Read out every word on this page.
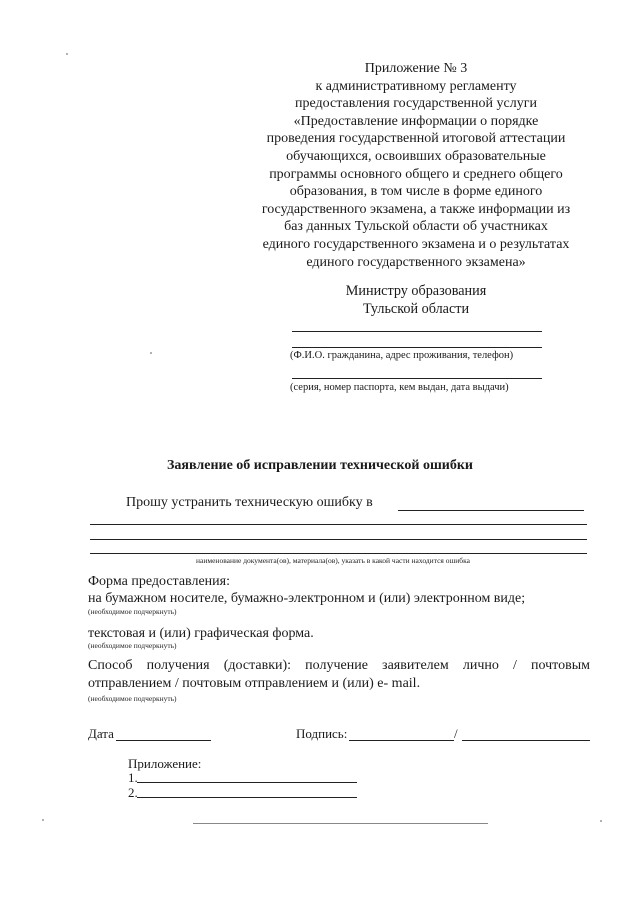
Приложение № 3
к административному регламенту
предоставления государственной услуги
«Предоставление информации о порядке
проведения государственной итоговой аттестации
обучающихся, освоивших образовательные
программы основного общего и среднего общего
образования, в том числе в форме единого
государственного экзамена, а также информации из
баз данных Тульской области об участниках
единого государственного экзамена и о результатах
единого государственного экзамена»
Министру образования
Тульской области
(Ф.И.О. гражданина, адрес проживания, телефон)
(серия, номер паспорта, кем выдан, дата выдачи)
Заявление об исправлении технической ошибки
Прошу устранить техническую ошибку в
наименование документа(ов), материала(ов), указать в какой части находится ошибка
Форма предоставления:
на бумажном носителе, бумажно-электронном и (или) электронном виде;
(необходимое подчеркнуть)
текстовая и (или) графическая форма.
(необходимое подчеркнуть)
Способ получения (доставки): получение заявителем лично / почтовым
отправлением / почтовым отправлением и (или) е- mail.
(необходимое подчеркнуть)
Дата	Подпись:	/
Приложение:
1.
2.
